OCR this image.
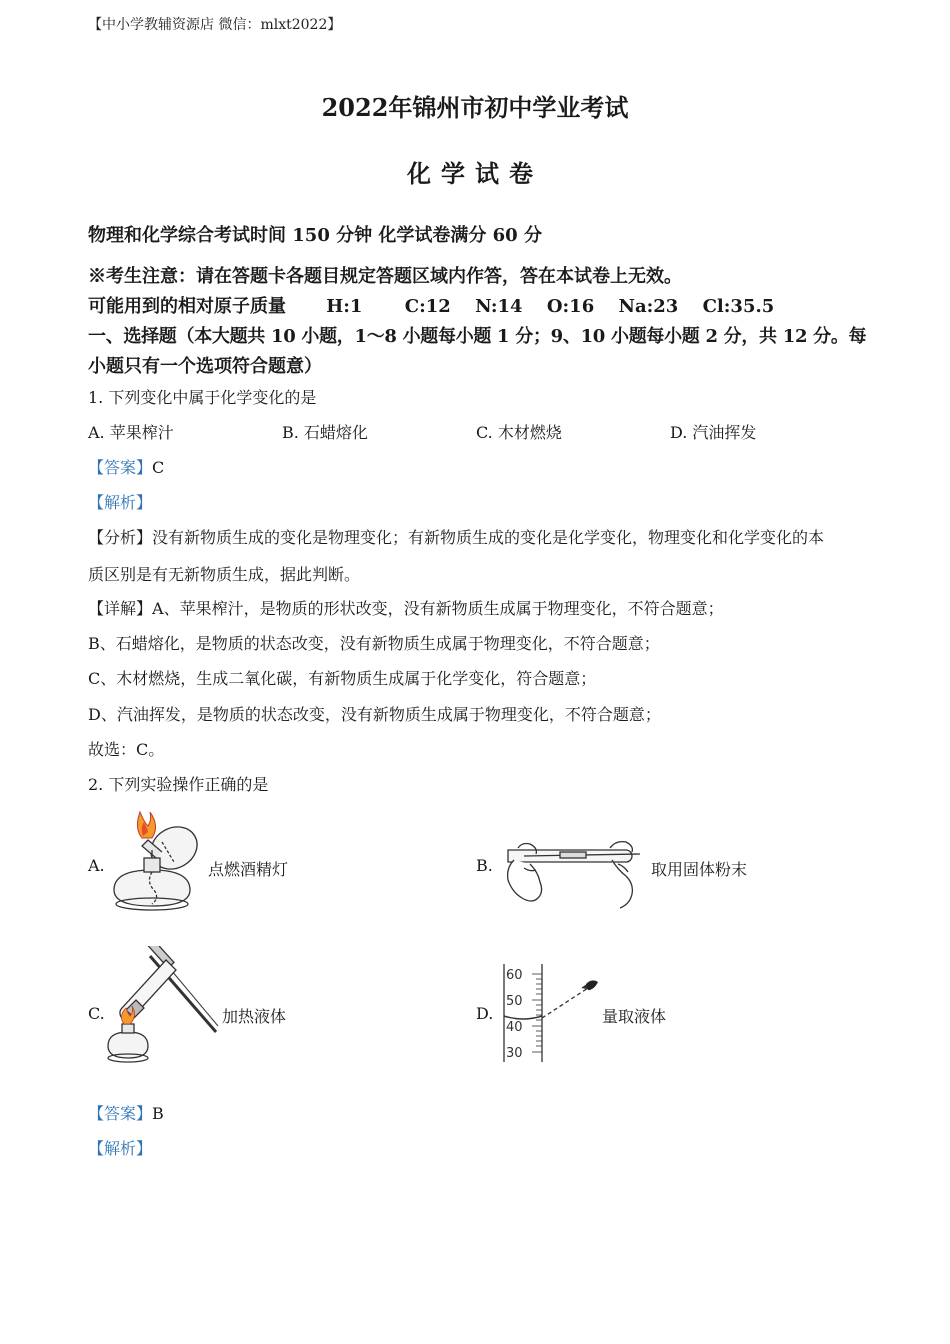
【中小学教辅资源店 微信：mlxt2022】
2022年锦州市初中学业考试
化学试卷
物理和化学综合考试时间 150 分钟 化学试卷满分 60 分
※考生注意：请在答题卡各题目规定答题区域内作答，答在本试卷上无效。
可能用到的相对原子质量 H:1 C:12 N:14 O:16 Na:23 Cl:35.5
一、选择题（本大题共 10 小题，1～8 小题每小题 1 分；9、10 小题每小题 2 分，共 12 分。每
小题只有一个选项符合题意）
1. 下列变化中属于化学变化的是
A. 苹果榨汁	B. 石蜡熔化	C. 木材燃烧	D. 汽油挥发
【答案】C
【解析】
【分析】没有新物质生成的变化是物理变化；有新物质生成的变化是化学变化，物理变化和化学变化的本
质区别是有无新物质生成，据此判断。
【详解】A、苹果榨汁，是物质的形状改变，没有新物质生成属于物理变化，不符合题意；
B、石蜡熔化，是物质的状态改变，没有新物质生成属于物理变化，不符合题意；
C、木材燃烧，生成二氧化碳，有新物质生成属于化学变化，符合题意；
D、汽油挥发，是物质的状态改变，没有新物质生成属于物理变化，不符合题意；
故选：C。
2. 下列实验操作正确的是
A.	点燃酒精灯	B.	取用固体粉末
C.	加热液体	D.
60
50
40
30
量取液体
【答案】B
【解析】
